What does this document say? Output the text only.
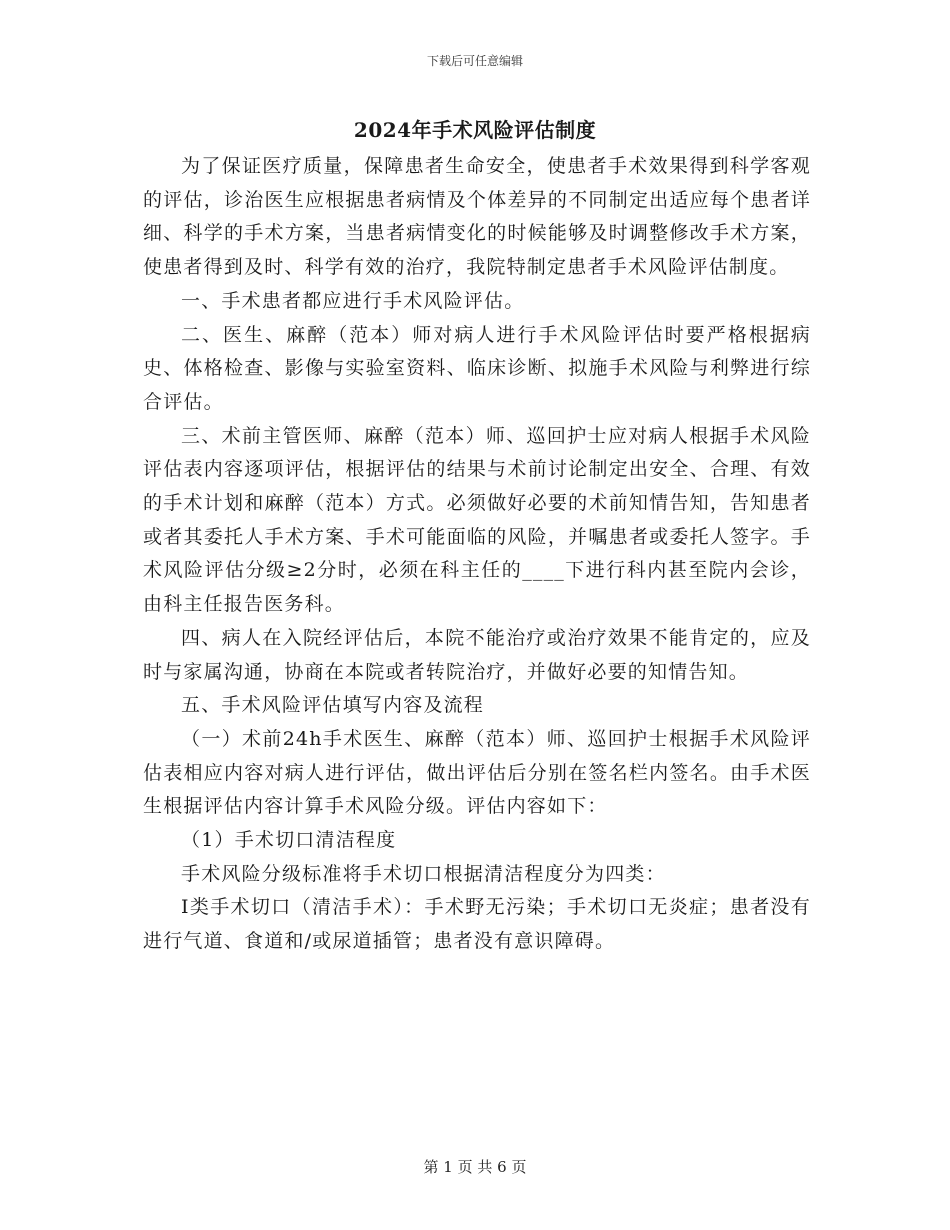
下载后可任意编辑
2024年手术风险评估制度

为了保证医疗质量，保障患者生命安全，使患者手术效果得到科学客观的评估，诊治医生应根据患者病情及个体差异的不同制定出适应每个患者详细、科学的手术方案，当患者病情变化的时候能够及时调整修改手术方案，使患者得到及时、科学有效的治疗，我院特制定患者手术风险评估制度。

一、手术患者都应进行手术风险评估。

二、医生、麻醉（范本）师对病人进行手术风险评估时要严格根据病史、体格检查、影像与实验室资料、临床诊断、拟施手术风险与利弊进行综合评估。

三、术前主管医师、麻醉（范本）师、巡回护士应对病人根据手术风险评估表内容逐项评估，根据评估的结果与术前讨论制定出安全、合理、有效的手术计划和麻醉（范本）方式。必须做好必要的术前知情告知，告知患者或者其委托人手术方案、手术可能面临的风险，并嘱患者或委托人签字。手术风险评估分级≥2分时，必须在科主任的____下进行科内甚至院内会诊，由科主任报告医务科。

四、病人在入院经评估后，本院不能治疗或治疗效果不能肯定的，应及时与家属沟通，协商在本院或者转院治疗，并做好必要的知情告知。

五、手术风险评估填写内容及流程

（一）术前24h手术医生、麻醉（范本）师、巡回护士根据手术风险评估表相应内容对病人进行评估，做出评估后分别在签名栏内签名。由手术医生根据评估内容计算手术风险分级。评估内容如下：

（1）手术切口清洁程度

手术风险分级标准将手术切口根据清洁程度分为四类：

Ⅰ类手术切口（清洁手术）：手术野无污染；手术切口无炎症；患者没有进行气道、食道和/或尿道插管；患者没有意识障碍。

第 1 页 共 6 页
